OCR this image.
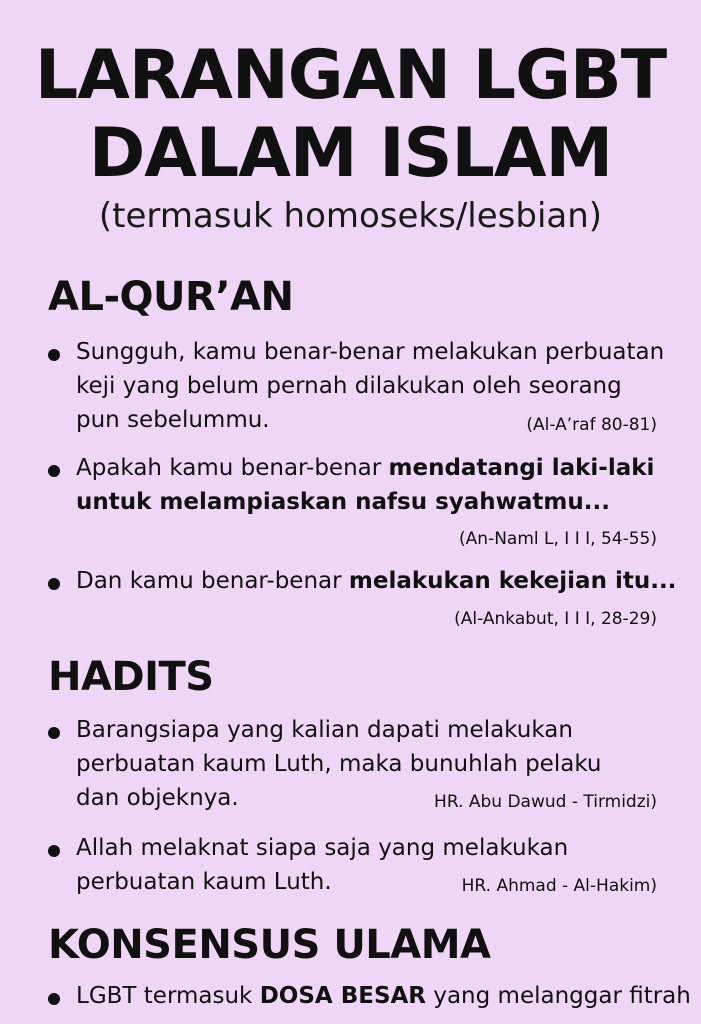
LARANGAN LGBT
DALAM ISLAM
(termasuk homoseks/lesbian)
AL-QUR’AN
Sungguh, kamu benar-benar melakukan perbuatan
keji yang belum pernah dilakukan oleh seorang
pun sebelummu.	(Al-A’raf 80-81)
Apakah kamu benar-benar mendatangi laki-laki
untuk melampiaskan nafsu syahwatmu...
(An-Naml L, I I I, 54-55)
Dan kamu benar-benar melakukan kekejian itu...
(Al-Ankabut, I I I, 28-29)
HADITS
Barangsiapa yang kalian dapati melakukan
perbuatan kaum Luth, maka bunuhlah pelaku
dan objeknya.	HR. Abu Dawud - Tirmidzi)
Allah melaknat siapa saja yang melakukan
perbuatan kaum Luth.	HR. Ahmad - Al-Hakim)
KONSENSUS ULAMA
LGBT termasuk DOSA BESAR yang melanggar fitrah
